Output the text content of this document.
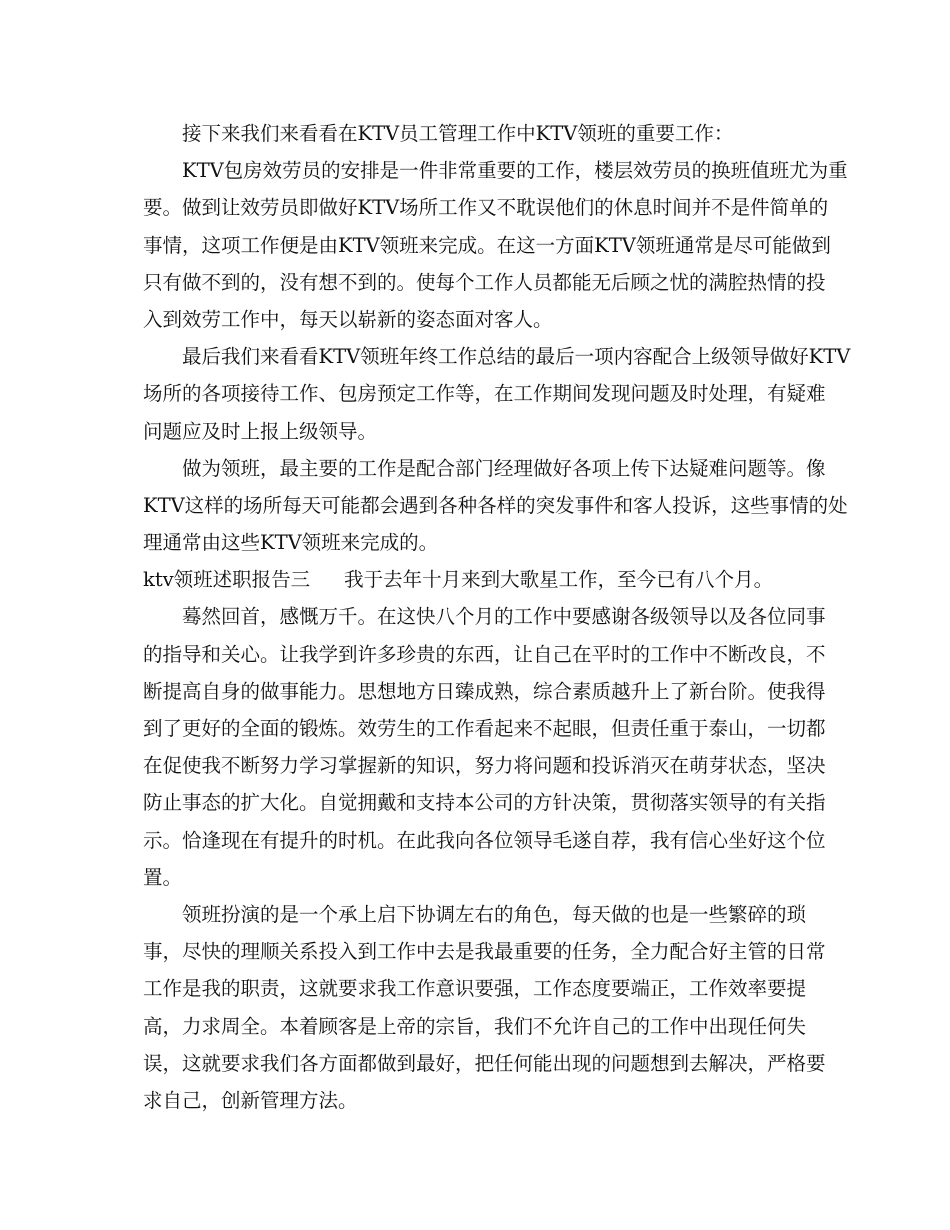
接下来我们来看看在KTV员工管理工作中KTV领班的重要工作：
KTV包房效劳员的安排是一件非常重要的工作，楼层效劳员的换班值班尤为重
要。做到让效劳员即做好KTV场所工作又不耽误他们的休息时间并不是件简单的
事情，这项工作便是由KTV领班来完成。在这一方面KTV领班通常是尽可能做到
只有做不到的，没有想不到的。使每个工作人员都能无后顾之忧的满腔热情的投
入到效劳工作中，每天以崭新的姿态面对客人。
最后我们来看看KTV领班年终工作总结的最后一项内容配合上级领导做好KTV
场所的各项接待工作、包房预定工作等，在工作期间发现问题及时处理，有疑难
问题应及时上报上级领导。
做为领班，最主要的工作是配合部门经理做好各项上传下达疑难问题等。像
KTV这样的场所每天可能都会遇到各种各样的突发事件和客人投诉，这些事情的处
理通常由这些KTV领班来完成的。
ktv领班述职报告三 我于去年十月来到大歌星工作，至今已有八个月。
蓦然回首，感慨万千。在这快八个月的工作中要感谢各级领导以及各位同事
的指导和关心。让我学到许多珍贵的东西，让自己在平时的工作中不断改良，不
断提高自身的做事能力。思想地方日臻成熟，综合素质越升上了新台阶。使我得
到了更好的全面的锻炼。效劳生的工作看起来不起眼，但责任重于泰山，一切都
在促使我不断努力学习掌握新的知识，努力将问题和投诉消灭在萌芽状态，坚决
防止事态的扩大化。自觉拥戴和支持本公司的方针决策，贯彻落实领导的有关指
示。恰逢现在有提升的时机。在此我向各位领导毛遂自荐，我有信心坐好这个位
置。
领班扮演的是一个承上启下协调左右的角色，每天做的也是一些繁碎的琐
事，尽快的理顺关系投入到工作中去是我最重要的任务，全力配合好主管的日常
工作是我的职责，这就要求我工作意识要强，工作态度要端正，工作效率要提
高，力求周全。本着顾客是上帝的宗旨，我们不允许自己的工作中出现任何失
误，这就要求我们各方面都做到最好，把任何能出现的问题想到去解决，严格要
求自己，创新管理方法。
